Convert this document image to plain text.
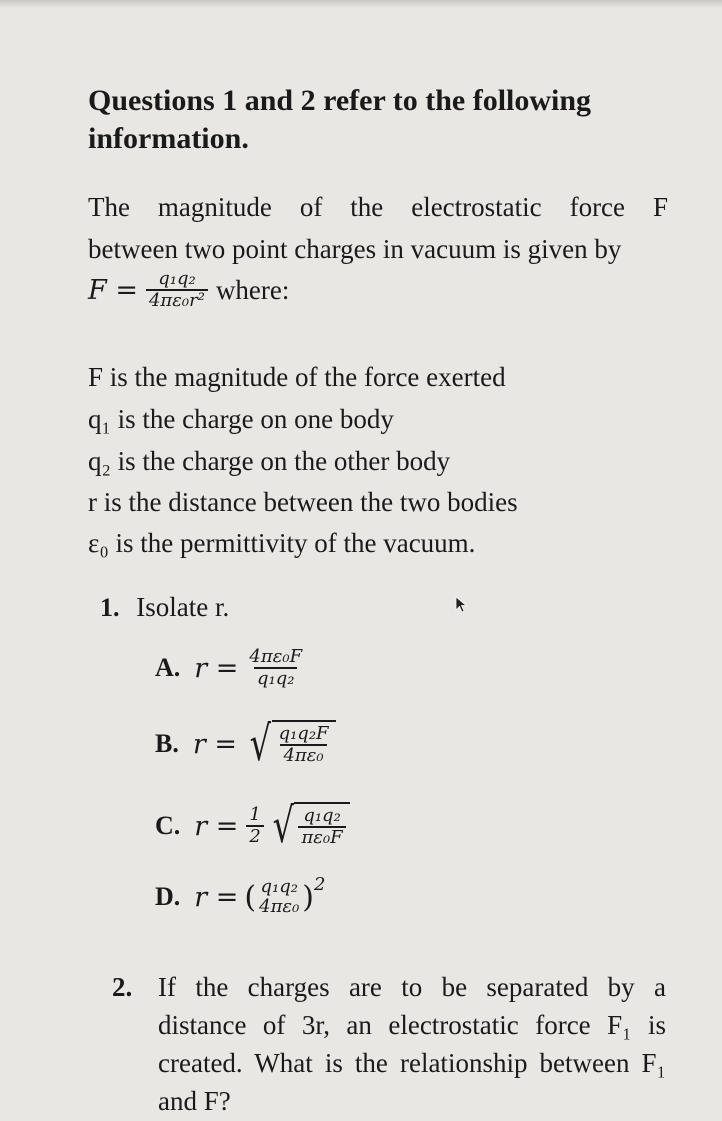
Questions 1 and 2 refer to the following
information.
The magnitude of the electrostatic force F
between two point charges in vacuum is given by
$F = \frac{\text{q₁q₂}}{\text{4πε₀r²}}$ where:
F is the magnitude of the force exerted
q₁ is the charge on one body
q₂ is the charge on the other body
r is the distance between the two bodies
ε₀ is the permittivity of the vacuum.
1. Isolate r.
A. $r = \frac{\text{4πε₀F}}{\text{q₁q₂}}$
B. r = √ $\frac{\text{q₁q₂F}}{\text{4πε₀}}$
C. $r = \frac{1}{2}$ √ $\frac{\text{q₁q₂}}{\text{πε₀F}}$
D. r = ( q₁q₂
4πε₀ ) 2
2. If the charges are to be separated by a
distance of 3r, an electrostatic force F₁ is
created. What is the relationship between F₁
and F?
